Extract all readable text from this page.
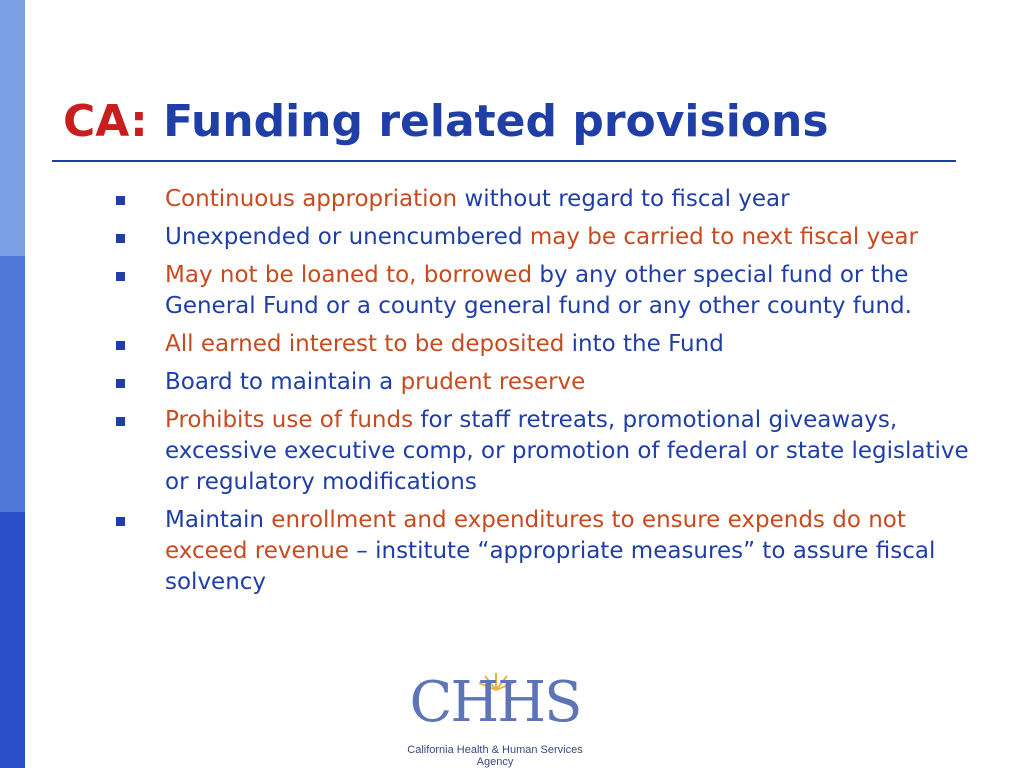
CA: Funding related provisions
Continuous appropriation without regard to fiscal year
Unexpended or unencumbered may be carried to next fiscal year
May not be loaned to, borrowed by any other special fund or the General Fund or a county general fund or any other county fund.
All earned interest to be deposited into the Fund
Board to maintain a prudent reserve
Prohibits use of funds for staff retreats, promotional giveaways, excessive executive comp, or promotion of federal or state legislative or regulatory modifications
Maintain enrollment and expenditures to ensure expends do not exceed revenue – institute “appropriate measures” to assure fiscal solvency
CHHS
California Health & Human Services Agency
